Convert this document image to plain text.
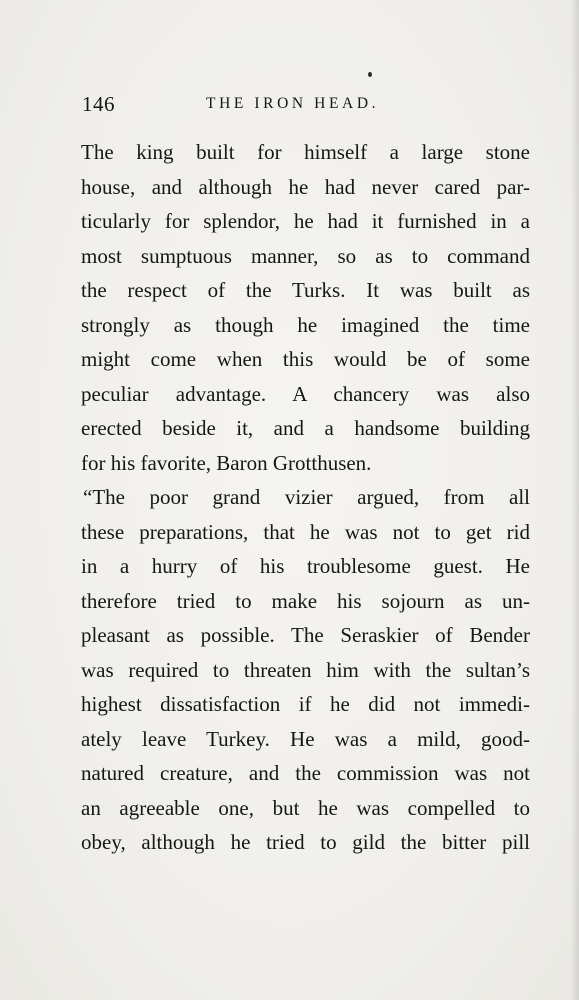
146	THE IRON HEAD.
The king built for himself a large stone
house, and although he had never cared par-
ticularly for splendor, he had it furnished in a
most sumptuous manner, so as to command
the respect of the Turks. It was built as
strongly as though he imagined the time
might come when this would be of some
peculiar advantage. A chancery was also
erected beside it, and a handsome building
for his favorite, Baron Grotthusen.
“The poor grand vizier argued, from all
these preparations, that he was not to get rid
in a hurry of his troublesome guest. He
therefore tried to make his sojourn as un-
pleasant as possible. The Seraskier of Bender
was required to threaten him with the sultan’s
highest dissatisfaction if he did not immedi-
ately leave Turkey. He was a mild, good-
natured creature, and the commission was not
an agreeable one, but he was compelled to
obey, although he tried to gild the bitter pill
